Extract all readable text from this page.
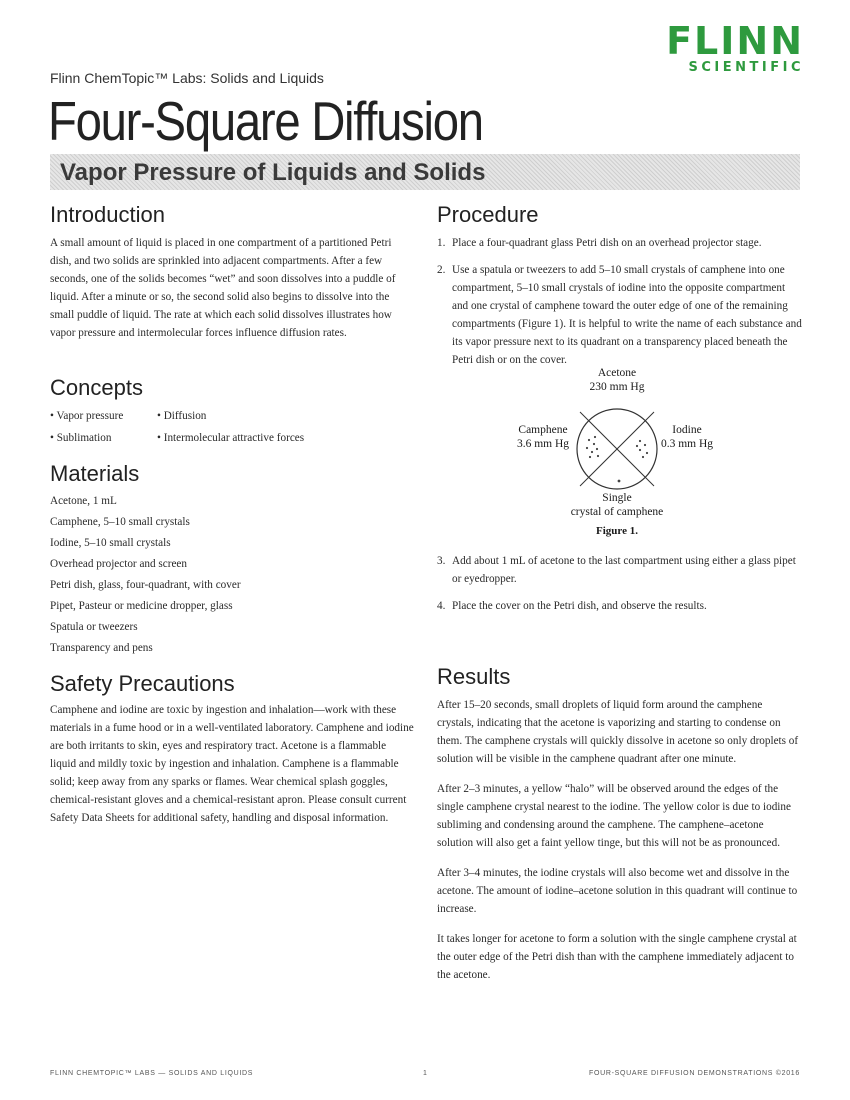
FLINN
SCIENTIFIC
Flinn ChemTopic™ Labs: Solids and Liquids
Four-Square Diffusion
Vapor Pressure of Liquids and Solids
Introduction

A small amount of liquid is placed in one compartment of a partitioned Petri dish, and two solids are sprinkled into adjacent compartments. After a few seconds, one of the solids becomes “wet” and soon dissolves into a puddle of liquid. After a minute or so, the second solid also begins to dissolve into the small puddle of liquid. The rate at which each solid dissolves illustrates how vapor pressure and intermolecular forces influence diffusion rates.

Concepts
• Vapor pressure	• Diffusion
• Sublimation	• Intermolecular attractive forces
Materials
Acetone, 1 mL
Camphene, 5–10 small crystals
Iodine, 5–10 small crystals
Overhead projector and screen
Petri dish, glass, four-quadrant, with cover
Pipet, Pasteur or medicine dropper, glass
Spatula or tweezers
Transparency and pens
Safety Precautions

Camphene and iodine are toxic by ingestion and inhalation—work with these materials in a fume hood or in a well-ventilated laboratory. Camphene and iodine are both irritants to skin, eyes and respiratory tract. Acetone is a flammable liquid and mildly toxic by ingestion and inhalation. Camphene is a flammable solid; keep away from any sparks or flames. Wear chemical splash goggles, chemical-resistant gloves and a chemical-resistant apron. Please consult current Safety Data Sheets for additional safety, handling and disposal information.

Procedure
1. Place a four-quadrant glass Petri dish on an overhead projector stage.
2. Use a spatula or tweezers to add 5–10 small crystals of camphene into one compartment, 5–10 small crystals of iodine into the opposite compartment and one crystal of camphene toward the outer edge of one of the remaining compartments (Figure 1). It is helpful to write the name of each substance and its vapor pressure next to its quadrant on a transparency placed beneath the Petri dish or on the cover.
Acetone
230 mm Hg
Camphene
3.6 mm Hg
Iodine
0.3 mm Hg
Single
crystal of camphene
Figure 1.
3. Add about 1 mL of acetone to the last compartment using either a glass pipet or eyedropper.
4. Place the cover on the Petri dish, and observe the results.
Results

After 15–20 seconds, small droplets of liquid form around the camphene crystals, indicating that the acetone is vaporizing and starting to condense on them. The camphene crystals will quickly dissolve in acetone so only droplets of solution will be visible in the camphene quadrant after one minute.

After 2–3 minutes, a yellow “halo” will be observed around the edges of the single camphene crystal nearest to the iodine. The yellow color is due to iodine subliming and condensing around the camphene. The camphene–acetone solution will also get a faint yellow tinge, but this will not be as pronounced.

After 3–4 minutes, the iodine crystals will also become wet and dissolve in the acetone. The amount of iodine–acetone solution in this quadrant will continue to increase.

It takes longer for acetone to form a solution with the single camphene crystal at the outer edge of the Petri dish than with the camphene immediately adjacent to the acetone.

FLINN CHEMTOPIC™ LABS — SOLIDS AND LIQUIDS	1	FOUR-SQUARE DIFFUSION DEMONSTRATIONS ©2016
